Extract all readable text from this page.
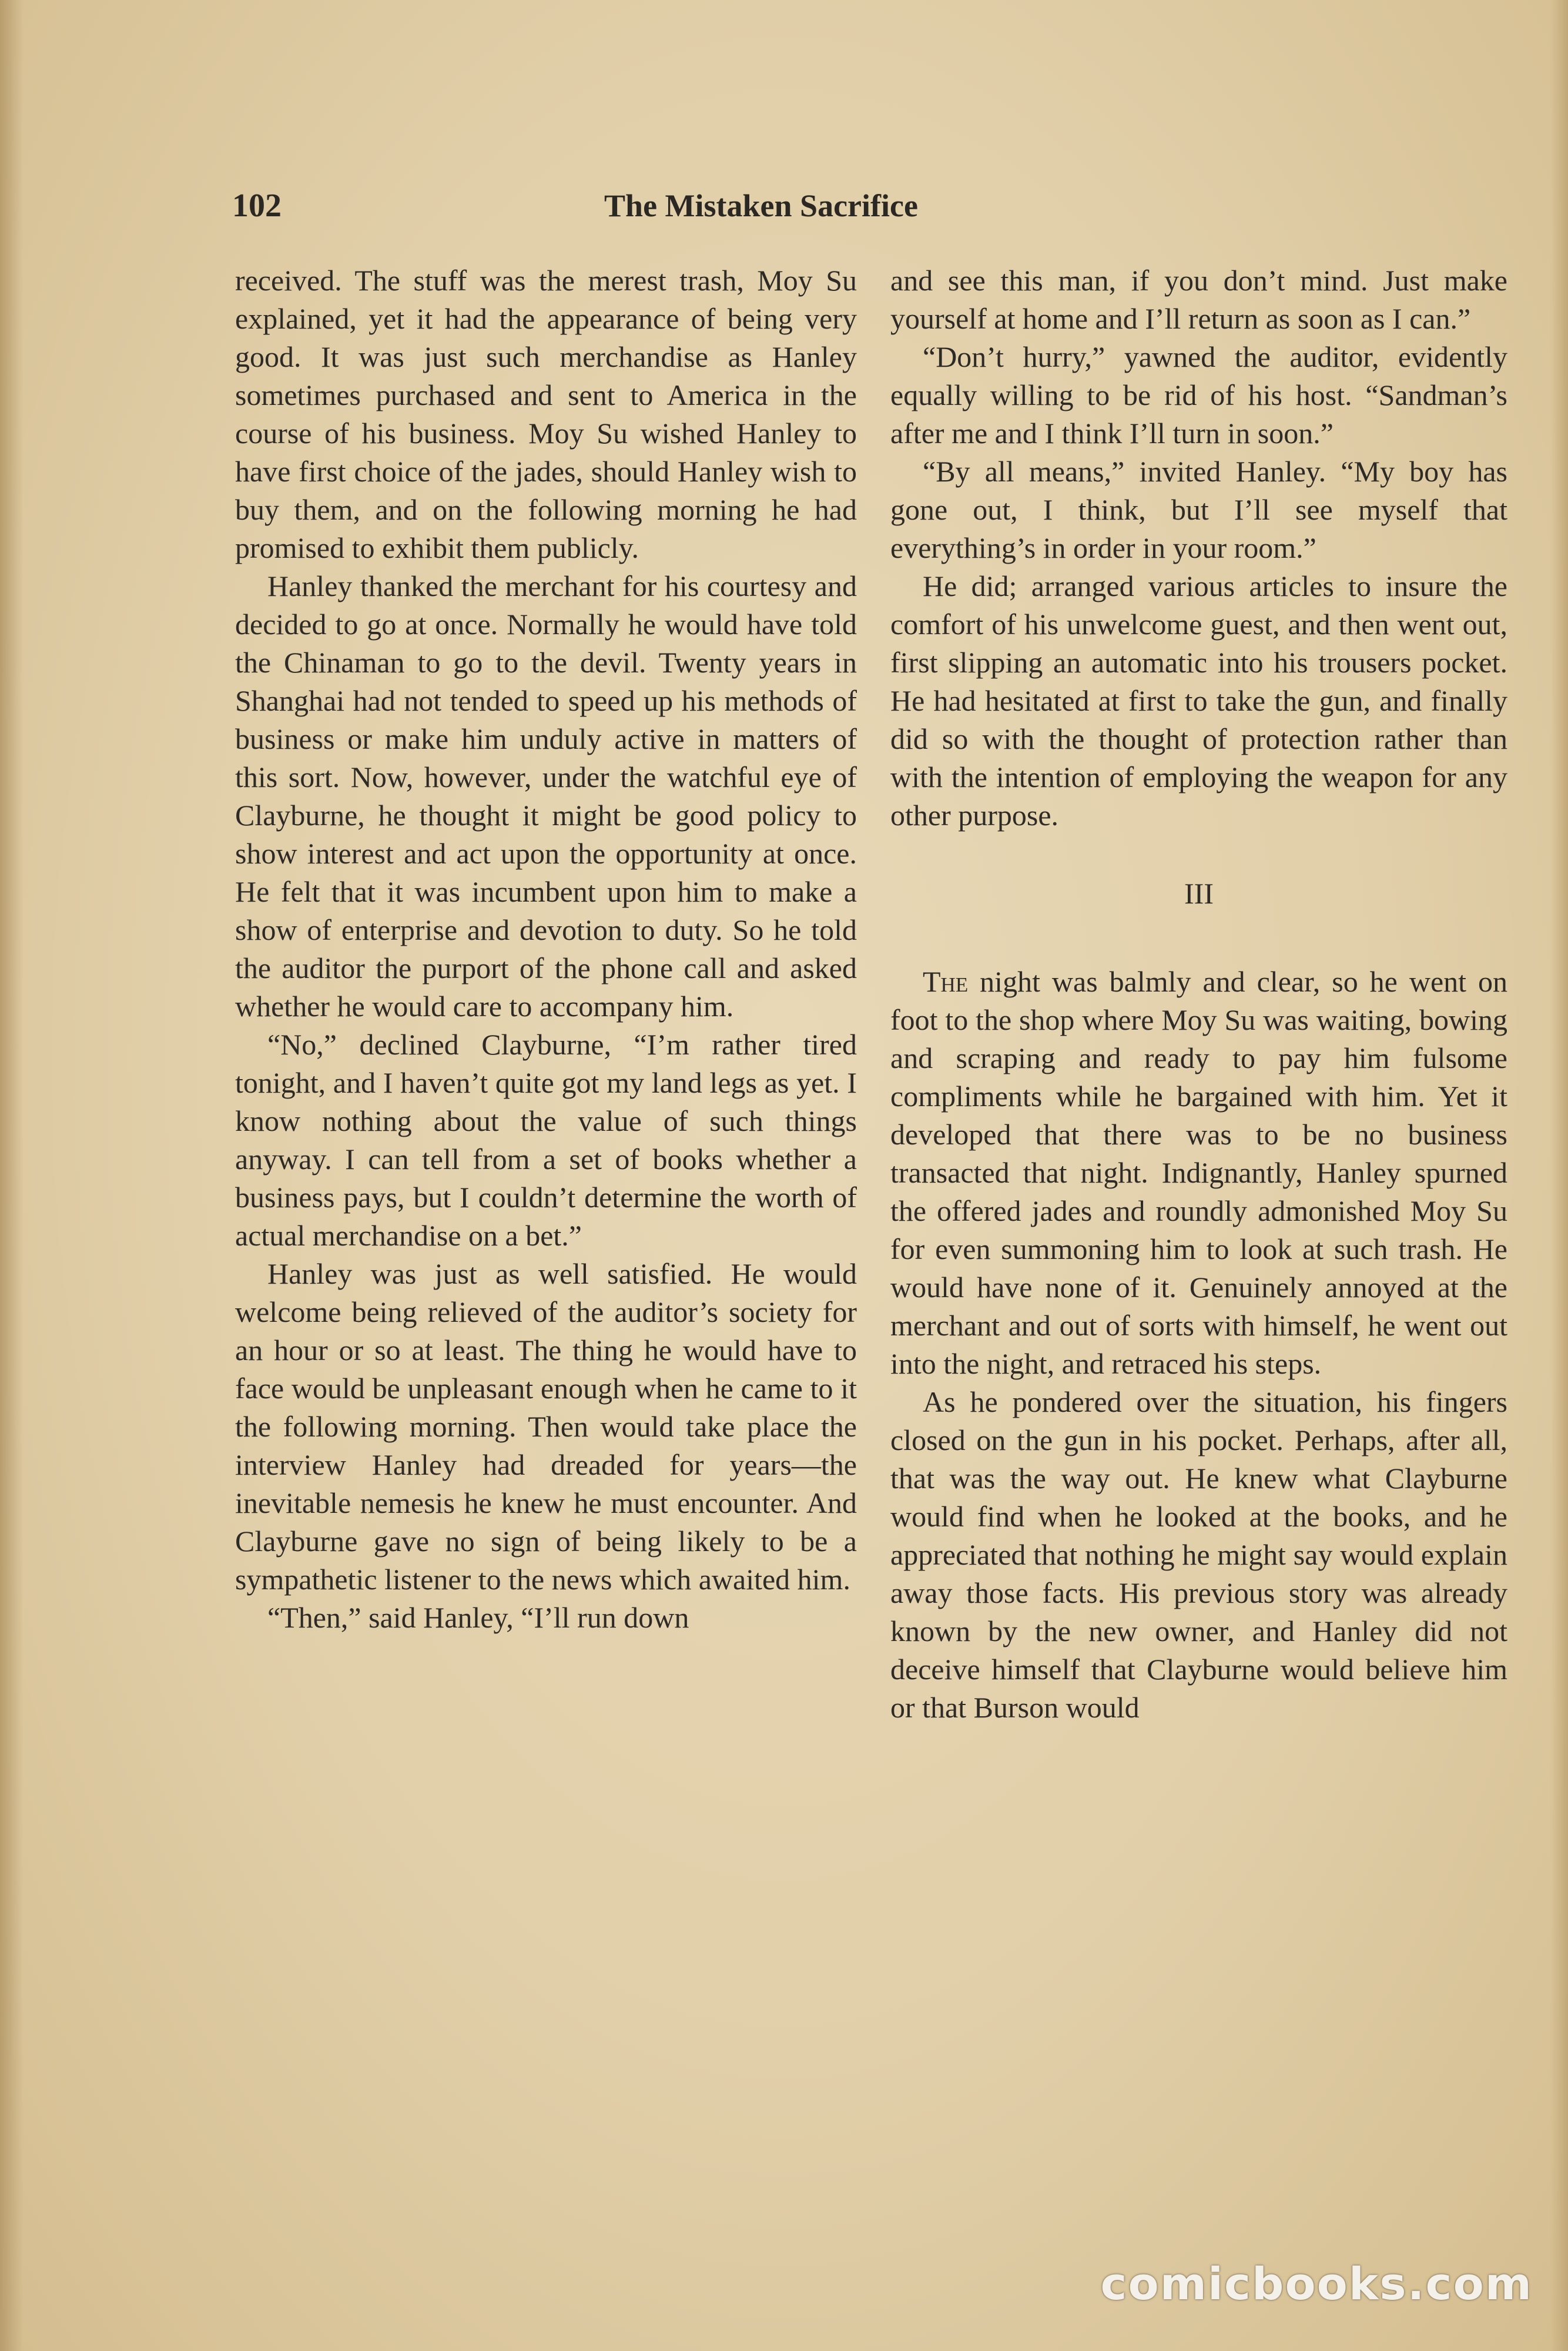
The Mistaken Sacrifice
102

received. The stuff was the merest trash, Moy Su explained, yet it had the appearance of being very good. It was just such merchandise as Hanley sometimes purchased and sent to America in the course of his business. Moy Su wished Hanley to have first choice of the jades, should Hanley wish to buy them, and on the following morning he had promised to exhibit them publicly.

Hanley thanked the merchant for his courtesy and decided to go at once. Normally he would have told the Chinaman to go to the devil. Twenty years in Shanghai had not tended to speed up his methods of business or make him unduly active in matters of this sort. Now, however, under the watchful eye of Clayburne, he thought it might be good policy to show interest and act upon the opportunity at once. He felt that it was incumbent upon him to make a show of enterprise and devotion to duty. So he told the auditor the purport of the phone call and asked whether he would care to accompany him.

“No,” declined Clayburne, “I’m rather tired tonight, and I haven’t quite got my land legs as yet. I know nothing about the value of such things anyway. I can tell from a set of books whether a business pays, but I couldn’t determine the worth of actual merchandise on a bet.”

Hanley was just as well satisfied. He would welcome being relieved of the auditor’s society for an hour or so at least. The thing he would have to face would be unpleasant enough when he came to it the following morning. Then would take place the interview Hanley had dreaded for years—the inevitable nemesis he knew he must encounter. And Clayburne gave no sign of being likely to be a sympathetic listener to the news which awaited him.

“Then,” said Hanley, “I’ll run down

and see this man, if you don’t mind. Just make yourself at home and I’ll return as soon as I can.”

“Don’t hurry,” yawned the auditor, evidently equally willing to be rid of his host. “Sandman’s after me and I think I’ll turn in soon.”

“By all means,” invited Hanley. “My boy has gone out, I think, but I’ll see myself that everything’s in order in your room.”

He did; arranged various articles to insure the comfort of his unwelcome guest, and then went out, first slipping an automatic into his trousers pocket. He had hesitated at first to take the gun, and finally did so with the thought of protection rather than with the intention of employing the weapon for any other purpose.

III

The night was balmly and clear, so he went on foot to the shop where Moy Su was waiting, bowing and scraping and ready to pay him fulsome compliments while he bargained with him. Yet it developed that there was to be no business transacted that night. Indignantly, Hanley spurned the offered jades and roundly admonished Moy Su for even summoning him to look at such trash. He would have none of it. Genuinely annoyed at the merchant and out of sorts with himself, he went out into the night, and retraced his steps.

As he pondered over the situation, his fingers closed on the gun in his pocket. Perhaps, after all, that was the way out. He knew what Clayburne would find when he looked at the books, and he appreciated that nothing he might say would explain away those facts. His previous story was already known by the new owner, and Hanley did not deceive himself that Clayburne would believe him or that Burson would

comicbooks.com
